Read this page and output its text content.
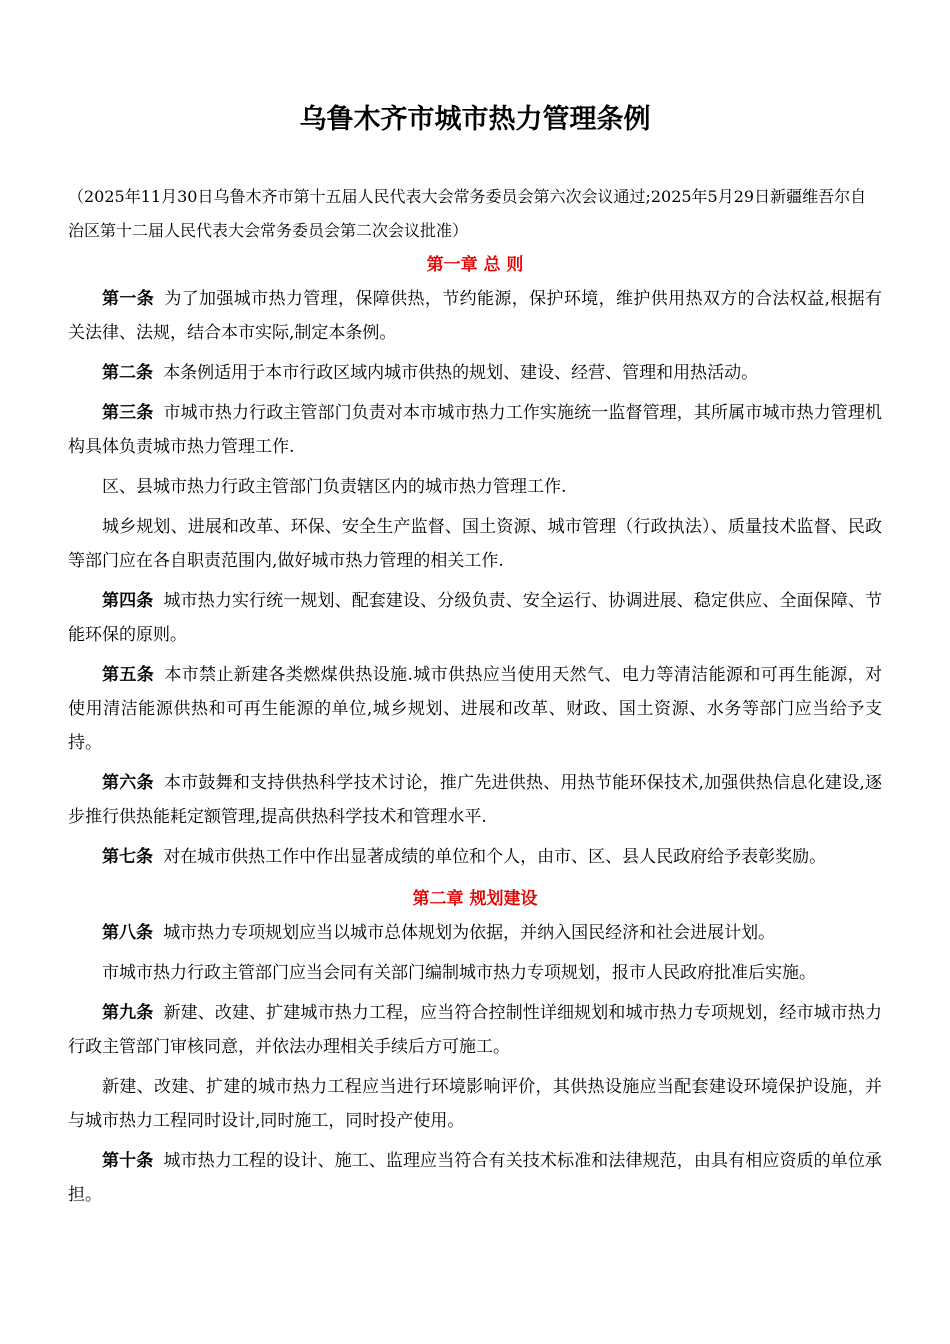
乌鲁木齐市城市热力管理条例

（2025年11月30日乌鲁木齐市第十五届人民代表大会常务委员会第六次会议通过;2025年5月29日新疆维吾尔自治区第十二届人民代表大会常务委员会第二次会议批准）

第一章 总 则

第一条 为了加强城市热力管理，保障供热，节约能源，保护环境，维护供用热双方的合法权益,根据有关法律、法规，结合本市实际,制定本条例。

第二条 本条例适用于本市行政区域内城市供热的规划、建设、经营、管理和用热活动。

第三条 市城市热力行政主管部门负责对本市城市热力工作实施统一监督管理，其所属市城市热力管理机构具体负责城市热力管理工作.

区、县城市热力行政主管部门负责辖区内的城市热力管理工作.

城乡规划、进展和改革、环保、安全生产监督、国土资源、城市管理（行政执法）、质量技术监督、民政等部门应在各自职责范围内,做好城市热力管理的相关工作.

第四条 城市热力实行统一规划、配套建设、分级负责、安全运行、协调进展、稳定供应、全面保障、节能环保的原则。

第五条 本市禁止新建各类燃煤供热设施.城市供热应当使用天然气、电力等清洁能源和可再生能源，对使用清洁能源供热和可再生能源的单位,城乡规划、进展和改革、财政、国土资源、水务等部门应当给予支持。

第六条 本市鼓舞和支持供热科学技术讨论，推广先进供热、用热节能环保技术,加强供热信息化建设,逐步推行供热能耗定额管理,提高供热科学技术和管理水平.

第七条 对在城市供热工作中作出显著成绩的单位和个人，由市、区、县人民政府给予表彰奖励。

第二章 规划建设

第八条 城市热力专项规划应当以城市总体规划为依据，并纳入国民经济和社会进展计划。

市城市热力行政主管部门应当会同有关部门编制城市热力专项规划，报市人民政府批准后实施。

第九条 新建、改建、扩建城市热力工程，应当符合控制性详细规划和城市热力专项规划，经市城市热力行政主管部门审核同意，并依法办理相关手续后方可施工。

新建、改建、扩建的城市热力工程应当进行环境影响评价，其供热设施应当配套建设环境保护设施，并与城市热力工程同时设计,同时施工，同时投产使用。

第十条 城市热力工程的设计、施工、监理应当符合有关技术标准和法律规范，由具有相应资质的单位承担。
